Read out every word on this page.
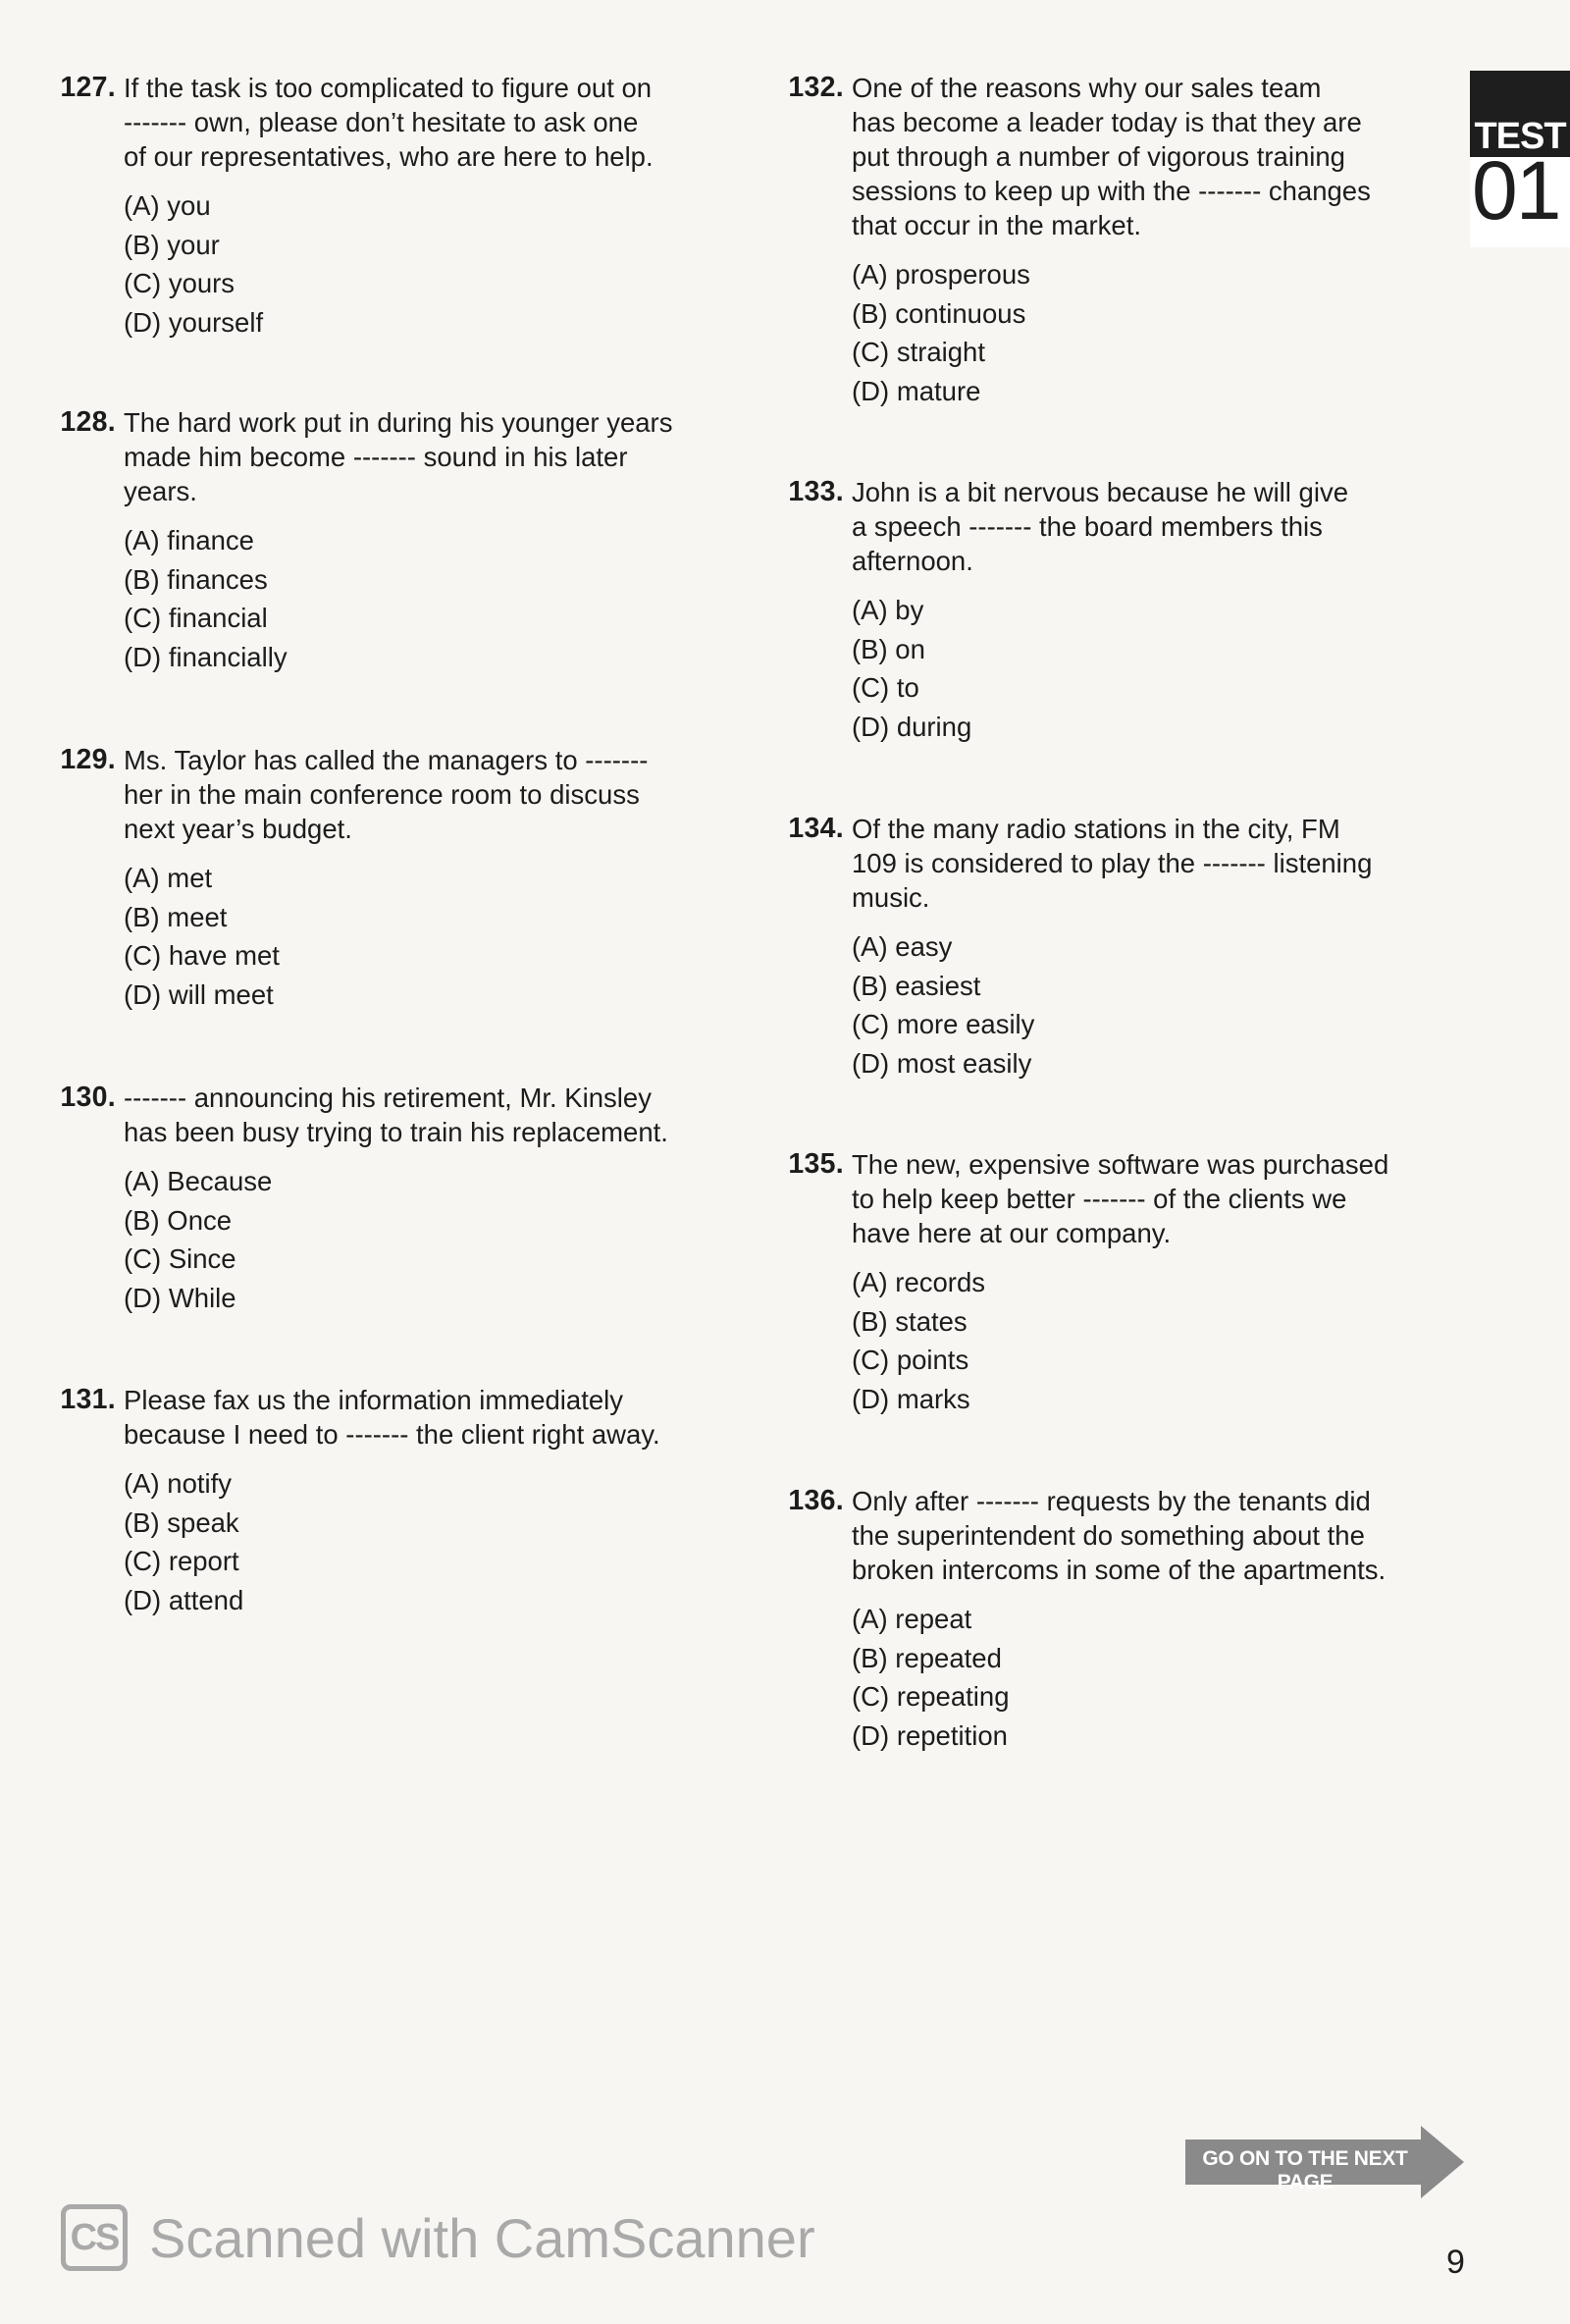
127. If the task is too complicated to figure out on
------- own, please don’t hesitate to ask one
of our representatives, who are here to help.
(A) you
(B) your
(C) yours
(D) yourself
128. The hard work put in during his younger years
made him become ------- sound in his later
years.
(A) finance
(B) finances
(C) financial
(D) financially
129. Ms. Taylor has called the managers to -------
her in the main conference room to discuss
next year’s budget.
(A) met
(B) meet
(C) have met
(D) will meet
130. ------- announcing his retirement, Mr. Kinsley
has been busy trying to train his replacement.
(A) Because
(B) Once
(C) Since
(D) While
131. Please fax us the information immediately
because I need to ------- the client right away.
(A) notify
(B) speak
(C) report
(D) attend
132. One of the reasons why our sales team
has become a leader today is that they are
put through a number of vigorous training
sessions to keep up with the ------- changes
that occur in the market.
(A) prosperous
(B) continuous
(C) straight
(D) mature
133. John is a bit nervous because he will give
a speech ------- the board members this
afternoon.
(A) by
(B) on
(C) to
(D) during
134. Of the many radio stations in the city, FM
109 is considered to play the ------- listening
music.
(A) easy
(B) easiest
(C) more easily
(D) most easily
135. The new, expensive software was purchased
to help keep better ------- of the clients we
have here at our company.
(A) records
(B) states
(C) points
(D) marks
136. Only after ------- requests by the tenants did
the superintendent do something about the
broken intercoms in some of the apartments.
(A) repeat
(B) repeated
(C) repeating
(D) repetition
TEST
01
GO ON TO THE NEXT PAGE
CS Scanned with CamScanner	9
